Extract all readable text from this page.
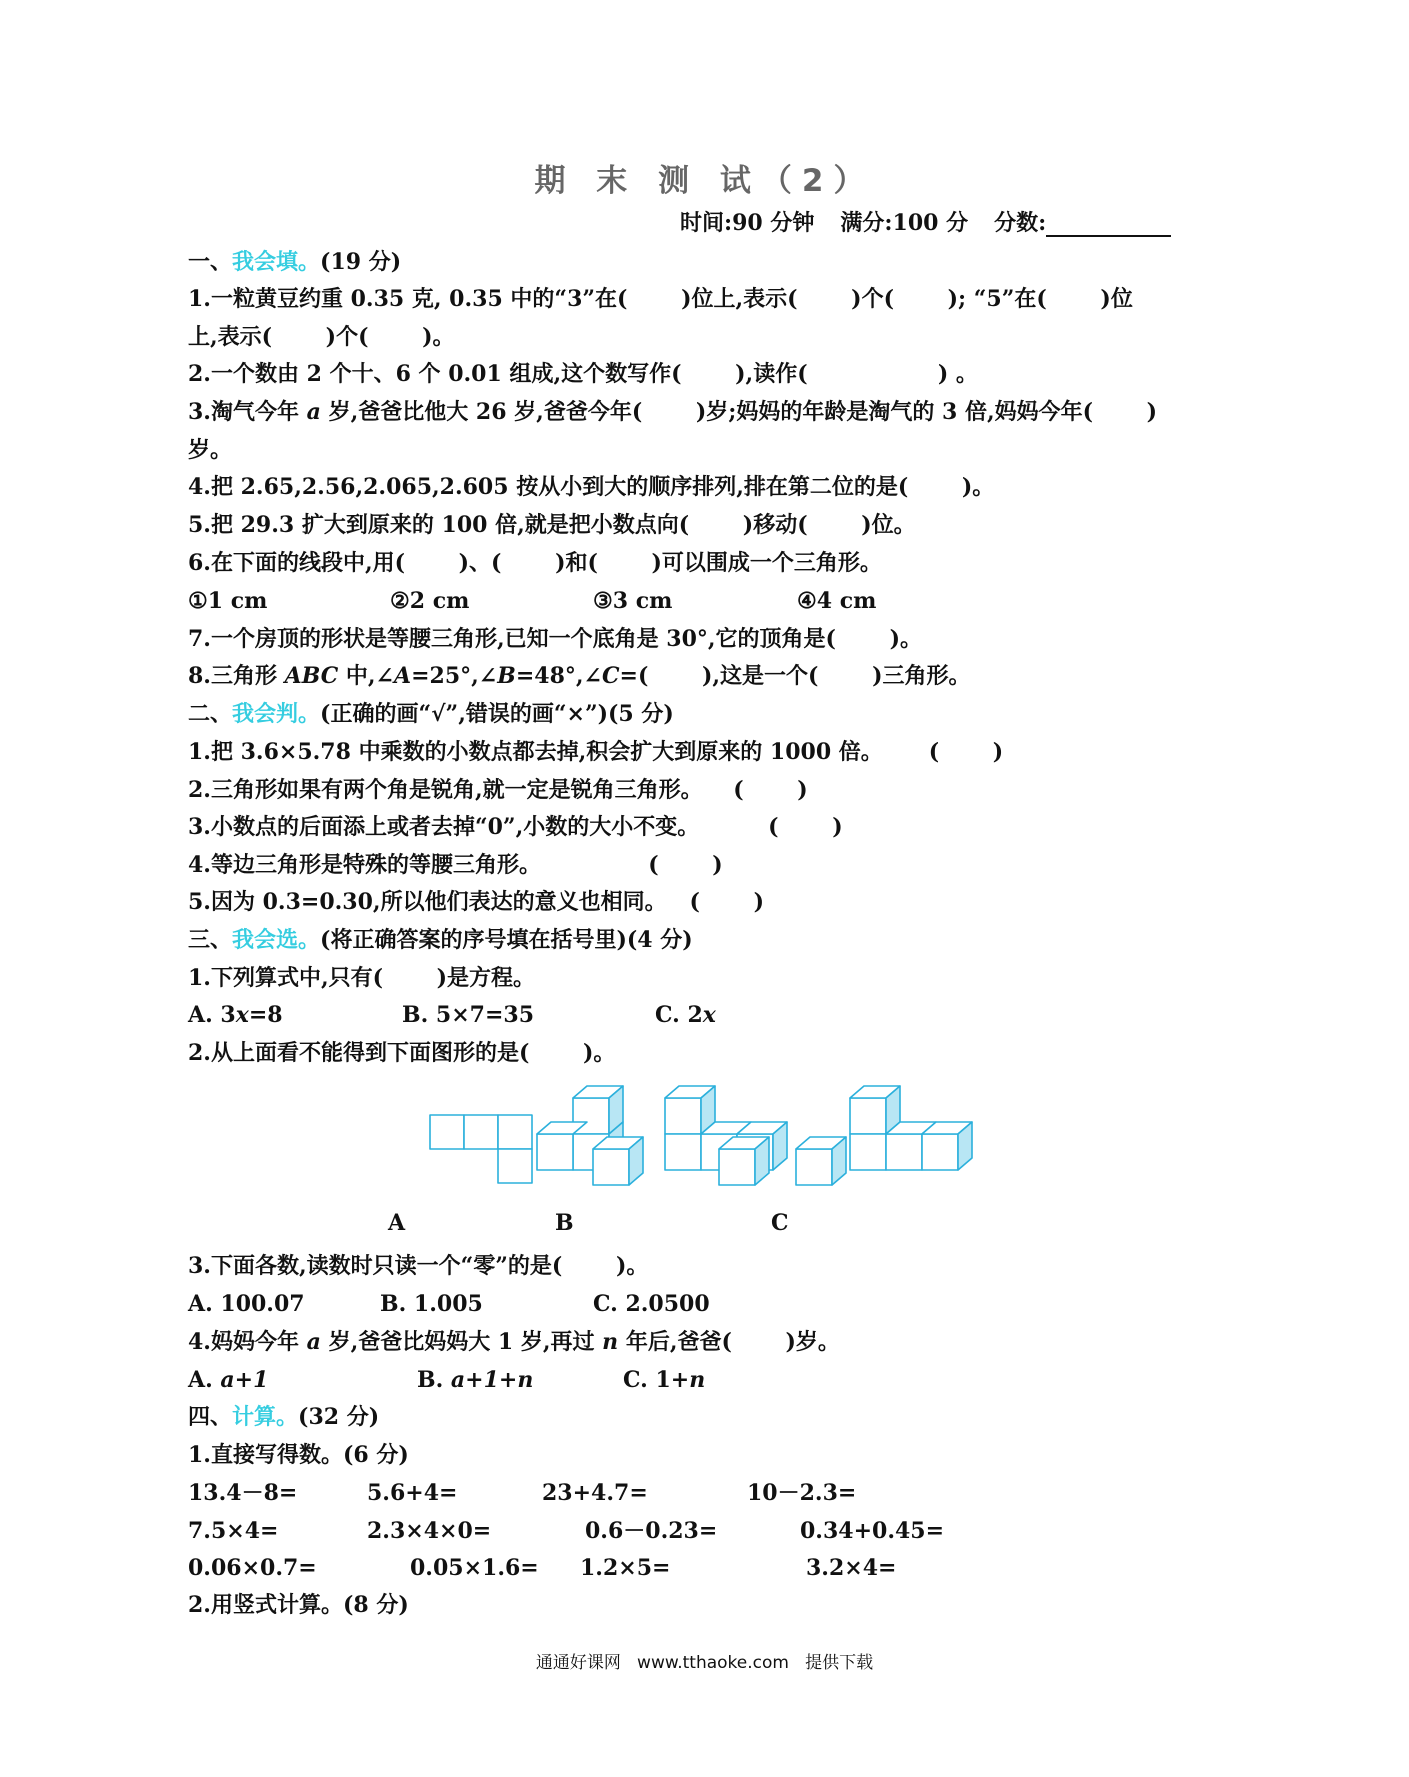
期 末 测 试（2）
时间:90 分钟 满分:100 分 分数:
一、我会填。(19 分)
1.一粒黄豆约重 0.35 克, 0.35 中的“3”在(       )位上,表示(       )个(       ); “5”在(       )位
上,表示(       )个(       )。
2.一个数由 2 个十、6 个 0.01 组成,这个数写作(       ),读作(                 ) 。
3.淘气今年 a 岁,爸爸比他大 26 岁,爸爸今年(       )岁;妈妈的年龄是淘气的 3 倍,妈妈今年(       )
岁。
4.把 2.65,2.56,2.065,2.605 按从小到大的顺序排列,排在第二位的是(       )。
5.把 29.3 扩大到原来的 100 倍,就是把小数点向(       )移动(       )位。
6.在下面的线段中,用(       )、(       )和(       )可以围成一个三角形。
①1 cm	②2 cm	③3 cm	④4 cm
7.一个房顶的形状是等腰三角形,已知一个底角是 30°,它的顶角是(       )。
8.三角形 ABC 中,∠A=25°,∠B=48°,∠C=(       ),这是一个(       )三角形。
二、我会判。(正确的画“√”,错误的画“×”)(5 分)
1.把 3.6×5.78 中乘数的小数点都去掉,积会扩大到原来的 1000 倍。      (       )
2.三角形如果有两个角是锐角,就一定是锐角三角形。    (       )
3.小数点的后面添上或者去掉“0”,小数的大小不变。         (       )
4.等边三角形是特殊的等腰三角形。              (       )
5.因为 0.3=0.30,所以他们表达的意义也相同。   (       )
三、我会选。(将正确答案的序号填在括号里)(4 分)
1.下列算式中,只有(       )是方程。
A. 3x=8	B. 5×7=35	C. 2x
2.从上面看不能得到下面图形的是(       )。
A	B	C
3.下面各数,读数时只读一个“零”的是(       )。
A. 100.07	B. 1.005	C. 2.0500
4.妈妈今年 a 岁,爸爸比妈妈大 1 岁,再过 n 年后,爸爸(       )岁。
A. a+1	B. a+1+n	C. 1+n
四、计算。(32 分)
1.直接写得数。(6 分)
13.4－8=	5.6+4=	23+4.7=	10－2.3=
7.5×4=	2.3×4×0=	0.6－0.23=	0.34+0.45=
0.06×0.7=	0.05×1.6= 1.2×5=	3.2×4=
2.用竖式计算。(8 分)
通通好课网   www.tthaoke.com   提供下载
